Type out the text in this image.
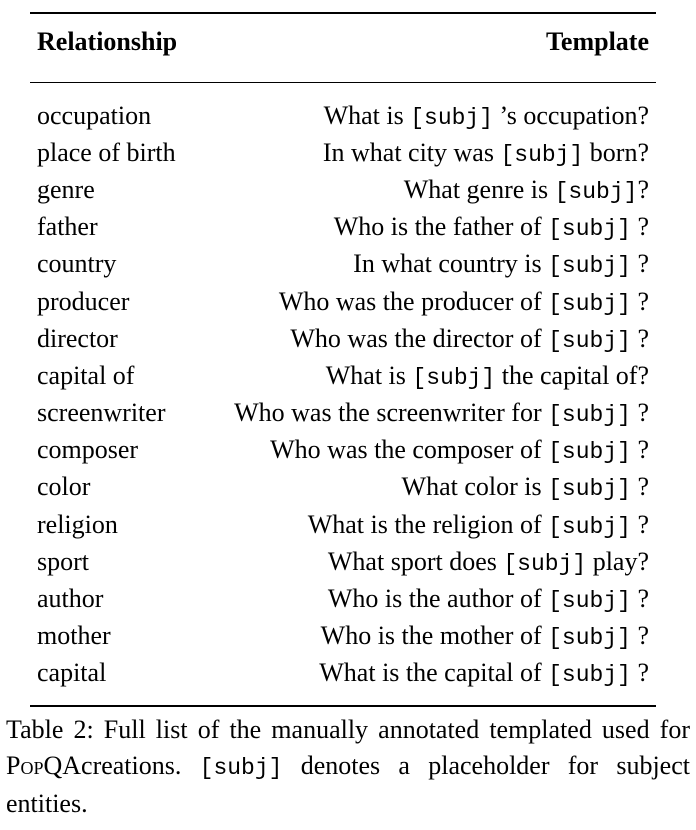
Relationship	Template
occupation	What is [subj] ’s occupation?
place of birth	In what city was [subj] born?
genre	What genre is [subj]?
father	Who is the father of [subj] ?
country	In what country is [subj] ?
producer	Who was the producer of [subj] ?
director	Who was the director of [subj] ?
capital of	What is [subj] the capital of?
screenwriter	Who was the screenwriter for [subj] ?
composer	Who was the composer of [subj] ?
color	What color is [subj] ?
religion	What is the religion of [subj] ?
sport	What sport does [subj] play?
author	Who is the author of [subj] ?
mother	Who is the mother of [subj] ?
capital	What is the capital of [subj] ?
Table 2: Full list of the manually annotated templated used for PopQAcreations. [subj] denotes a placeholder for subject entities.
